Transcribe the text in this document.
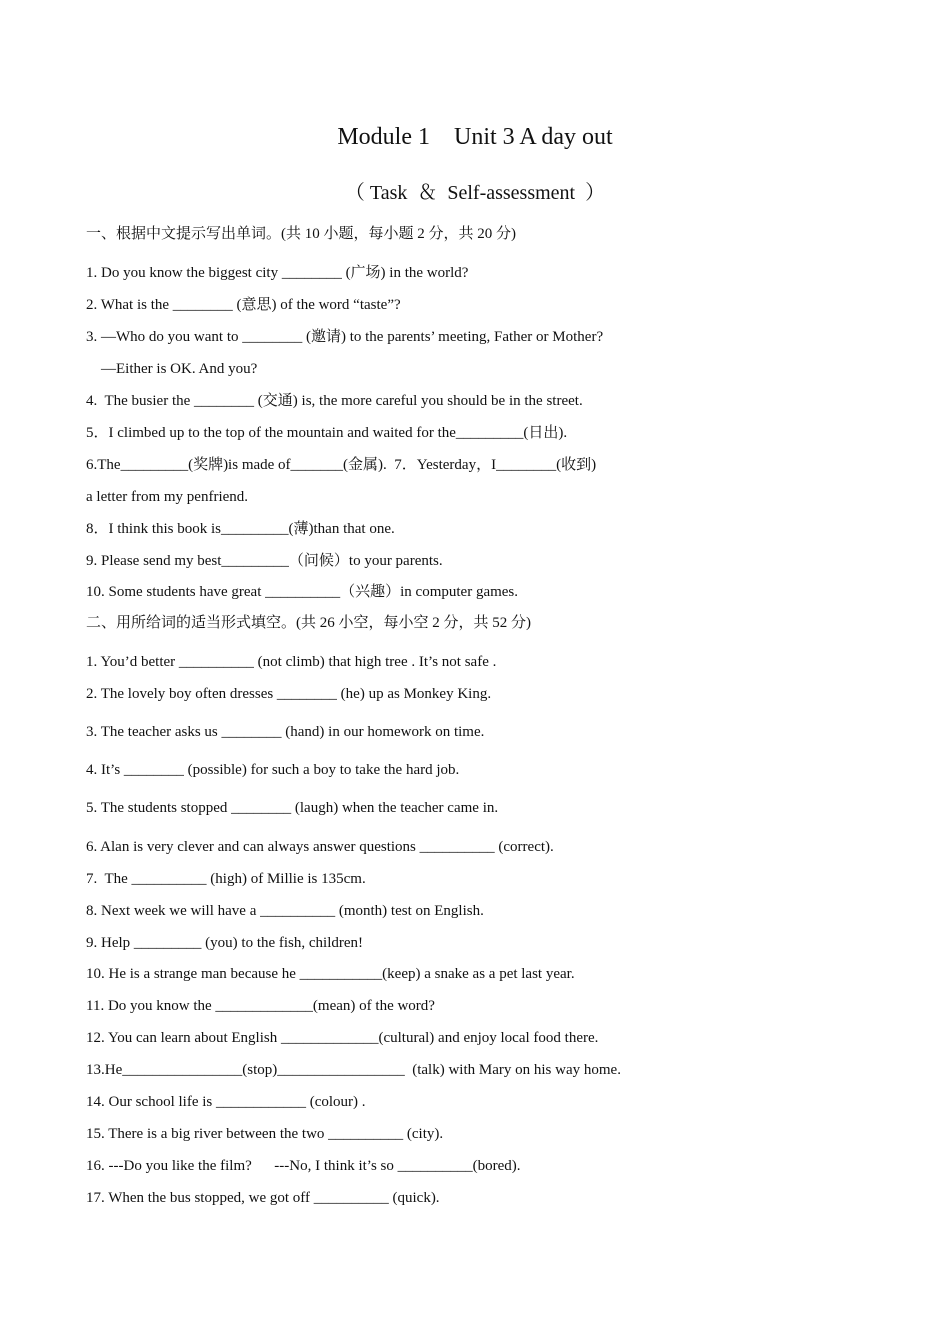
Module 1    Unit 3 A day out
（ Task  ＆  Self-assessment  ）
一、根据中文提示写出单词。(共 10 小题，每小题 2 分，共 20 分)
1. Do you know the biggest city ________ (广场) in the world?
2. What is the ________ (意思) of the word “taste”?
3. —Who do you want to ________ (邀请) to the parents’ meeting, Father or Mother?
—Either is OK. And you?
4.  The busier the ________ (交通) is, the more careful you should be in the street.
5．I climbed up to the top of the mountain and waited for the_________(日出).
6.The_________(奖牌)is made of_______(金属).  7．Yesterday，I________(收到)
a letter from my penfriend.
8．I think this book is_________(薄)than that one.
9. Please send my best_________（问候）to your parents.
10. Some students have great __________（兴趣）in computer games.
二、用所给词的适当形式填空。(共 26 小空，每小空 2 分，共 52 分)
1. You’d better __________ (not climb) that high tree . It’s not safe .
2. The lovely boy often dresses ________ (he) up as Monkey King.
3. The teacher asks us ________ (hand) in our homework on time.
4. It’s ________ (possible) for such a boy to take the hard job.
5. The students stopped ________ (laugh) when the teacher came in.
6. Alan is very clever and can always answer questions __________ (correct).
7.  The __________ (high) of Millie is 135cm.
8. Next week we will have a __________ (month) test on English.
9. Help _________ (you) to the fish, children!
10. He is a strange man because he ___________(keep) a snake as a pet last year.
11. Do you know the _____________(mean) of the word?
12. You can learn about English _____________(cultural) and enjoy local food there.
13.He________________(stop)_________________  (talk) with Mary on his way home.
14. Our school life is ____________ (colour) .
15. There is a big river between the two __________ (city).
16. ---Do you like the film?      ---No, I think it’s so __________(bored).
17. When the bus stopped, we got off __________ (quick).
